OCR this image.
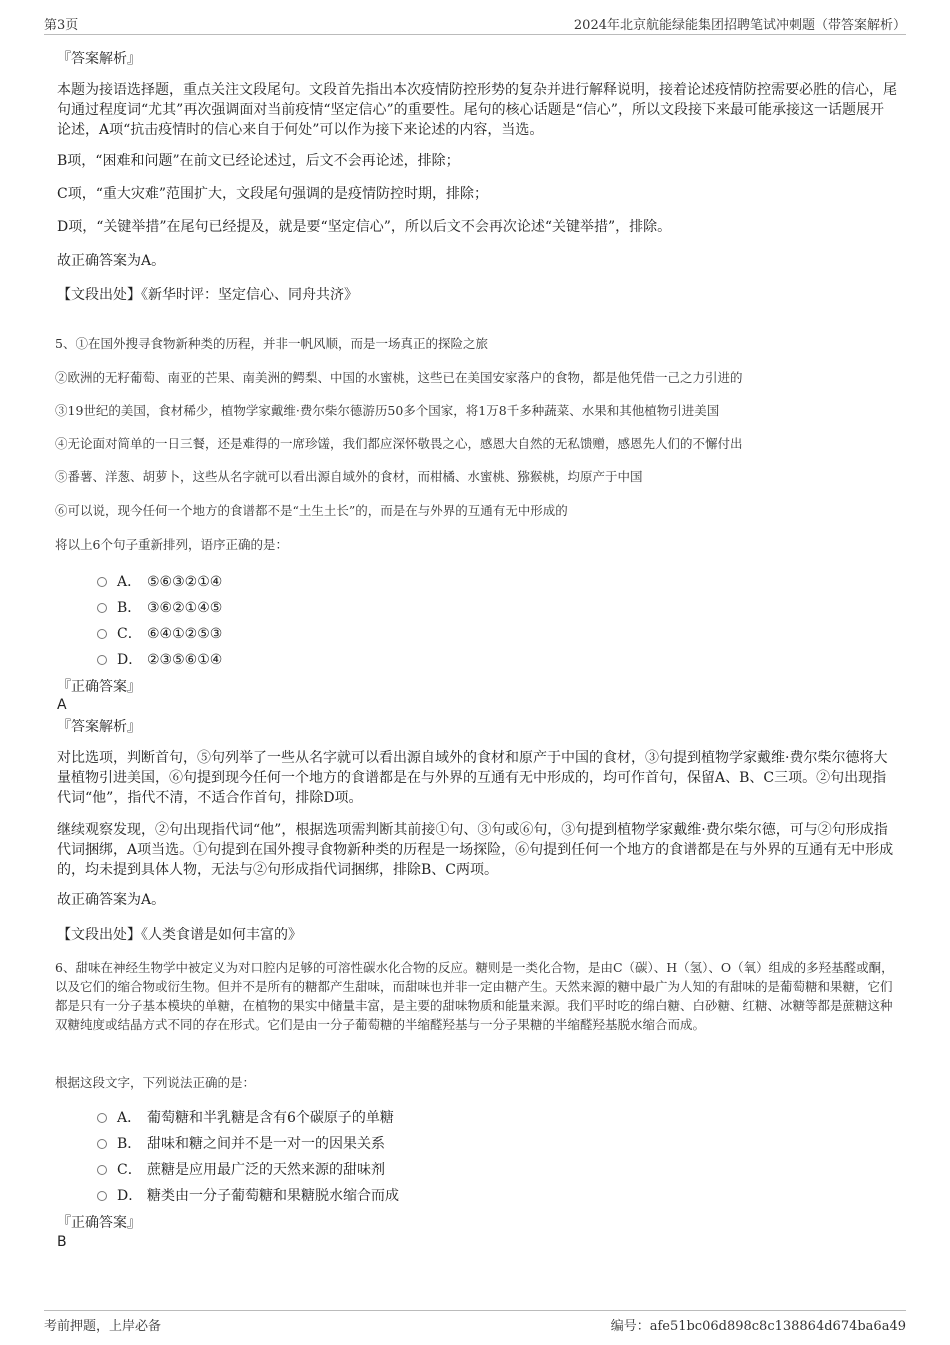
第3页	2024年北京航能绿能集团招聘笔试冲刺题（带答案解析）
『答案解析』
本题为接语选择题，重点关注文段尾句。文段首先指出本次疫情防控形势的复杂并进行解释说明，接着论述疫情防控需要必胜的信心，尾句通过程度词“尤其”再次强调面对当前疫情“坚定信心”的重要性。尾句的核心话题是“信心”，所以文段接下来最可能承接这一话题展开论述，A项“抗击疫情时的信心来自于何处”可以作为接下来论述的内容，当选。
B项，“困难和问题”在前文已经论述过，后文不会再论述，排除；
C项，“重大灾难”范围扩大，文段尾句强调的是疫情防控时期，排除；
D项，“关键举措”在尾句已经提及，就是要“坚定信心”，所以后文不会再次论述“关键举措”，排除。
故正确答案为A。
【文段出处】《新华时评：坚定信心、同舟共济》
5、①在国外搜寻食物新种类的历程，并非一帆风顺，而是一场真正的探险之旅
②欧洲的无籽葡萄、南亚的芒果、南美洲的鳄梨、中国的水蜜桃，这些已在美国安家落户的食物，都是他凭借一己之力引进的
③19世纪的美国，食材稀少，植物学家戴维·费尔柴尔德游历50多个国家，将1万8千多种蔬菜、水果和其他植物引进美国
④无论面对简单的一日三餐，还是难得的一席珍馐，我们都应深怀敬畏之心，感恩大自然的无私馈赠，感恩先人们的不懈付出
⑤番薯、洋葱、胡萝卜，这些从名字就可以看出源自域外的食材，而柑橘、水蜜桃、猕猴桃，均原产于中国
⑥可以说，现今任何一个地方的食谱都不是“土生土长”的，而是在与外界的互通有无中形成的
将以上6个句子重新排列，语序正确的是：
A． ⑤⑥③②①④
B． ③⑥②①④⑤
C． ⑥④①②⑤③
D． ②③⑤⑥①④
『正确答案』
A
『答案解析』
对比选项，判断首句，⑤句列举了一些从名字就可以看出源自域外的食材和原产于中国的食材，③句提到植物学家戴维·费尔柴尔德将大量植物引进美国，⑥句提到现今任何一个地方的食谱都是在与外界的互通有无中形成的，均可作首句，保留A、B、C三项。②句出现指代词“他”，指代不清，不适合作首句，排除D项。
继续观察发现，②句出现指代词“他”，根据选项需判断其前接①句、③句或⑥句，③句提到植物学家戴维·费尔柴尔德，可与②句形成指代词捆绑，A项当选。①句提到在国外搜寻食物新种类的历程是一场探险，⑥句提到任何一个地方的食谱都是在与外界的互通有无中形成的，均未提到具体人物，无法与②句形成指代词捆绑，排除B、C两项。
故正确答案为A。
【文段出处】《人类食谱是如何丰富的》
6、甜味在神经生物学中被定义为对口腔内足够的可溶性碳水化合物的反应。糖则是一类化合物，是由C（碳）、H（氢）、O（氧）组成的多羟基醛或酮，以及它们的缩合物或衍生物。但并不是所有的糖都产生甜味，而甜味也并非一定由糖产生。天然来源的糖中最广为人知的有甜味的是葡萄糖和果糖，它们都是只有一分子基本模块的单糖，在植物的果实中储量丰富，是主要的甜味物质和能量来源。我们平时吃的绵白糖、白砂糖、红糖、冰糖等都是蔗糖这种双糖纯度或结晶方式不同的存在形式。它们是由一分子葡萄糖的半缩醛羟基与一分子果糖的半缩醛羟基脱水缩合而成。
根据这段文字，下列说法正确的是：
A． 葡萄糖和半乳糖是含有6个碳原子的单糖
B． 甜味和糖之间并不是一对一的因果关系
C． 蔗糖是应用最广泛的天然来源的甜味剂
D． 糖类由一分子葡萄糖和果糖脱水缩合而成
『正确答案』
B
考前押题，上岸必备	编号：afe51bc06d898c8c138864d674ba6a49
